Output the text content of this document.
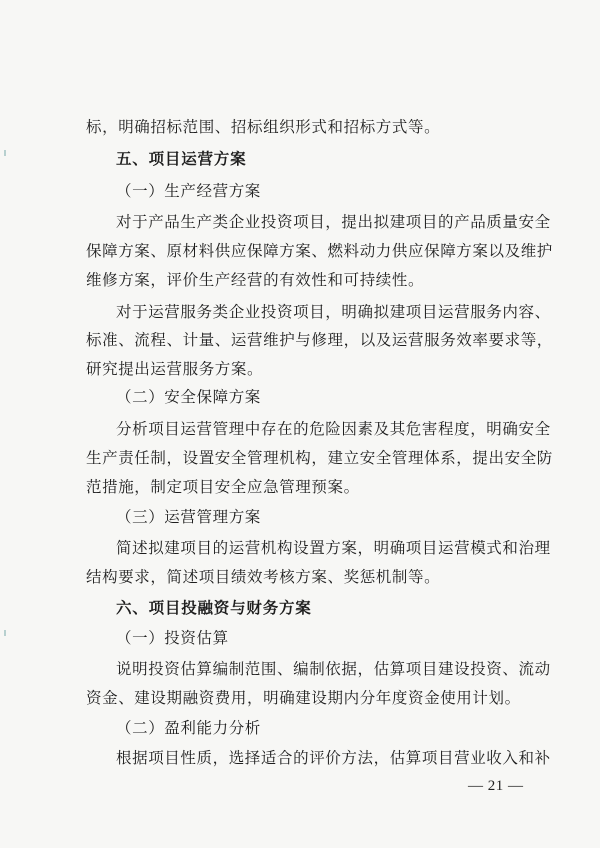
标，明确招标范围、招标组织形式和招标方式等。
五、项目运营方案
（一）生产经营方案
对于产品生产类企业投资项目，提出拟建项目的产品质量安全
保障方案、原材料供应保障方案、燃料动力供应保障方案以及维护
维修方案，评价生产经营的有效性和可持续性。
对于运营服务类企业投资项目，明确拟建项目运营服务内容、
标准、流程、计量、运营维护与修理，以及运营服务效率要求等，
研究提出运营服务方案。
（二）安全保障方案
分析项目运营管理中存在的危险因素及其危害程度，明确安全
生产责任制，设置安全管理机构，建立安全管理体系，提出安全防
范措施，制定项目安全应急管理预案。
（三）运营管理方案
简述拟建项目的运营机构设置方案，明确项目运营模式和治理
结构要求，简述项目绩效考核方案、奖惩机制等。
六、项目投融资与财务方案
（一）投资估算
说明投资估算编制范围、编制依据，估算项目建设投资、流动
资金、建设期融资费用，明确建设期内分年度资金使用计划。
（二）盈利能力分析
根据项目性质，选择适合的评价方法，估算项目营业收入和补
— 21 —
